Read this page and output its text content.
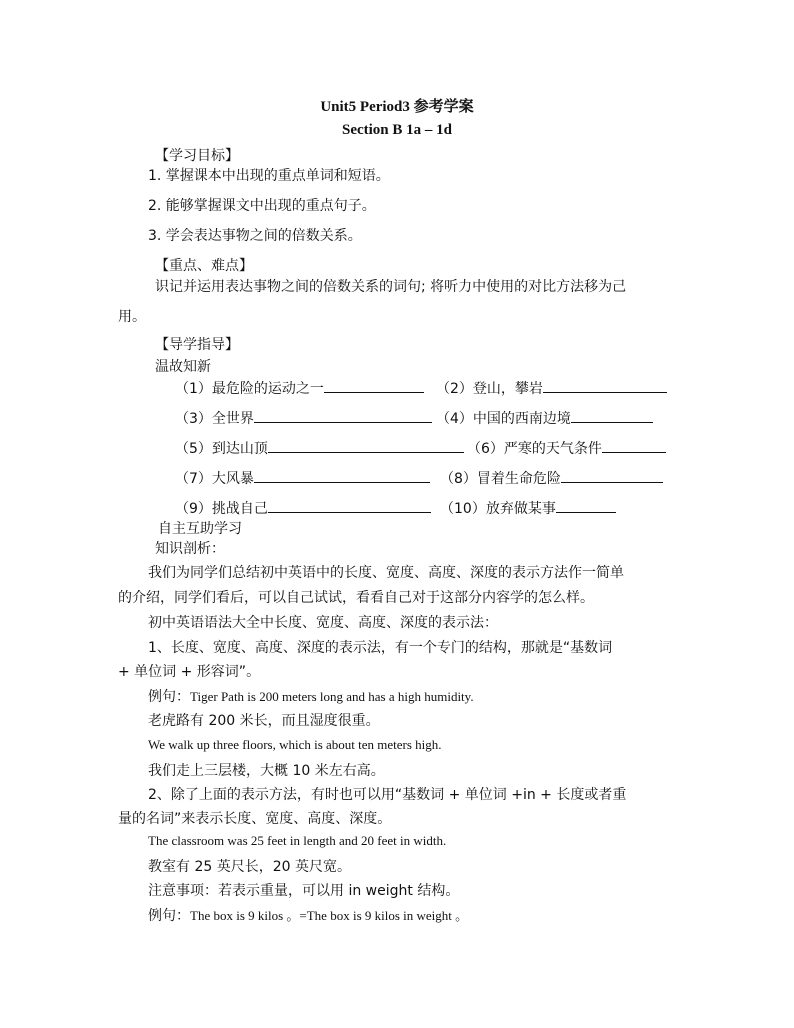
Unit5 Period3 参考学案
Section B 1a – 1d
【学习目标】
1. 掌握课本中出现的重点单词和短语。
2. 能够掌握课文中出现的重点句子。
3. 学会表达事物之间的倍数关系。
【重点、难点】
识记并运用表达事物之间的倍数关系的词句; 将听力中使用的对比方法移为己
用。
【导学指导】
温故知新
（1）最危险的运动之一	（2）登山，攀岩
（3）全世界	（4）中国的西南边境
（5）到达山顶	（6）严寒的天气条件
（7）大风暴	（8）冒着生命危险
（9）挑战自己	（10）放弃做某事
自主互助学习
知识剖析：
我们为同学们总结初中英语中的长度、宽度、高度、深度的表示方法作一简单
的介绍，同学们看后，可以自己试试，看看自己对于这部分内容学的怎么样。
初中英语语法大全中长度、宽度、高度、深度的表示法：
1、长度、宽度、高度、深度的表示法，有一个专门的结构，那就是“基数词
+ 单位词 + 形容词”。
例句：Tiger Path is 200 meters long and has a high humidity.
老虎路有 200 米长，而且湿度很重。
We walk up three floors, which is about ten meters high.
我们走上三层楼，大概 10 米左右高。
2、除了上面的表示方法，有时也可以用“基数词 + 单位词 +in + 长度或者重
量的名词”来表示长度、宽度、高度、深度。
The classroom was 25 feet in length and 20 feet in width.
教室有 25 英尺长，20 英尺宽。
注意事项：若表示重量，可以用 in weight 结构。
例句：The box is 9 kilos 。=The box is 9 kilos in weight 。
